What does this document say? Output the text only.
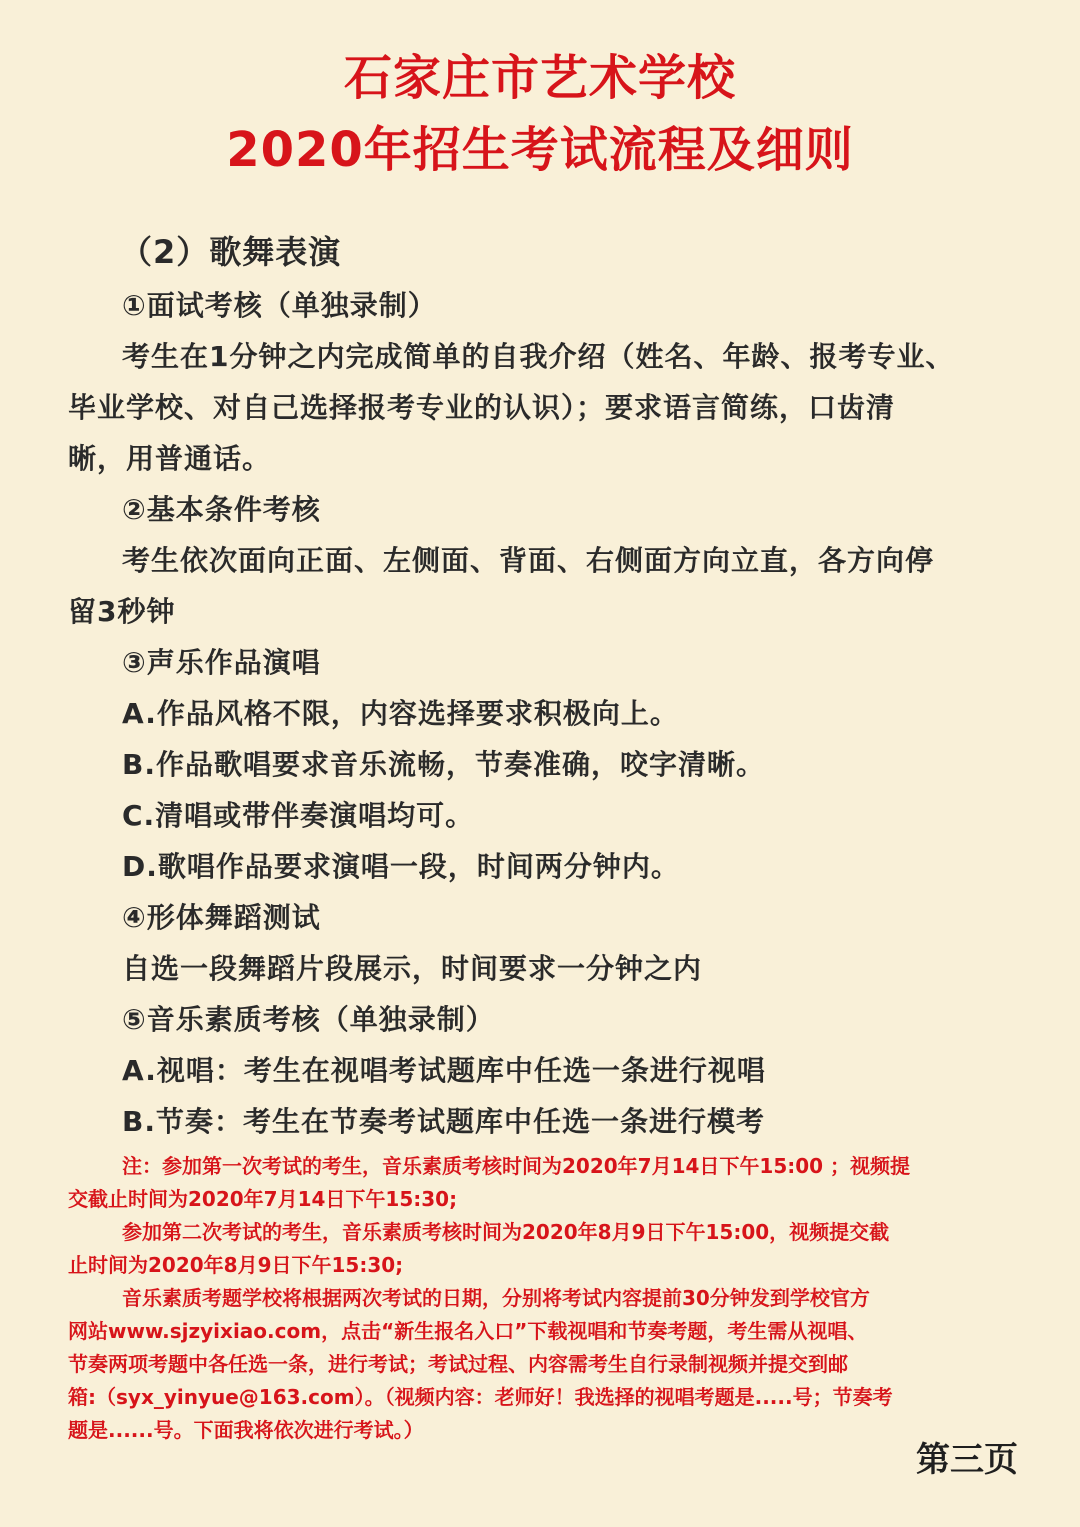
石家庄市艺术学校
2020年招生考试流程及细则
（2）歌舞表演
①面试考核（单独录制）
考生在1分钟之内完成简单的自我介绍（姓名、年龄、报考专业、
毕业学校、对自己选择报考专业的认识）；要求语言简练，口齿清
晰，用普通话。
②基本条件考核
考生依次面向正面、左侧面、背面、右侧面方向立直，各方向停
留3秒钟
③声乐作品演唱
A.作品风格不限，内容选择要求积极向上。
B.作品歌唱要求音乐流畅，节奏准确，咬字清晰。
C.清唱或带伴奏演唱均可。
D.歌唱作品要求演唱一段，时间两分钟内。
④形体舞蹈测试
自选一段舞蹈片段展示，时间要求一分钟之内
⑤音乐素质考核（单独录制）
A.视唱：考生在视唱考试题库中任选一条进行视唱
B.节奏：考生在节奏考试题库中任选一条进行模考
注：参加第一次考试的考生，音乐素质考核时间为2020年7月14日下午15:00 ；视频提
交截止时间为2020年7月14日下午15:30;
参加第二次考试的考生，音乐素质考核时间为2020年8月9日下午15:00，视频提交截
止时间为2020年8月9日下午15:30;
音乐素质考题学校将根据两次考试的日期，分别将考试内容提前30分钟发到学校官方
网站www.sjzyixiao.com，点击“新生报名入口”下载视唱和节奏考题，考生需从视唱、
节奏两项考题中各任选一条，进行考试；考试过程、内容需考生自行录制视频并提交到邮
箱:（syx_yinyue@163.com）。（视频内容：老师好！我选择的视唱考题是.....号；节奏考
题是......号。下面我将依次进行考试。）
第三页
